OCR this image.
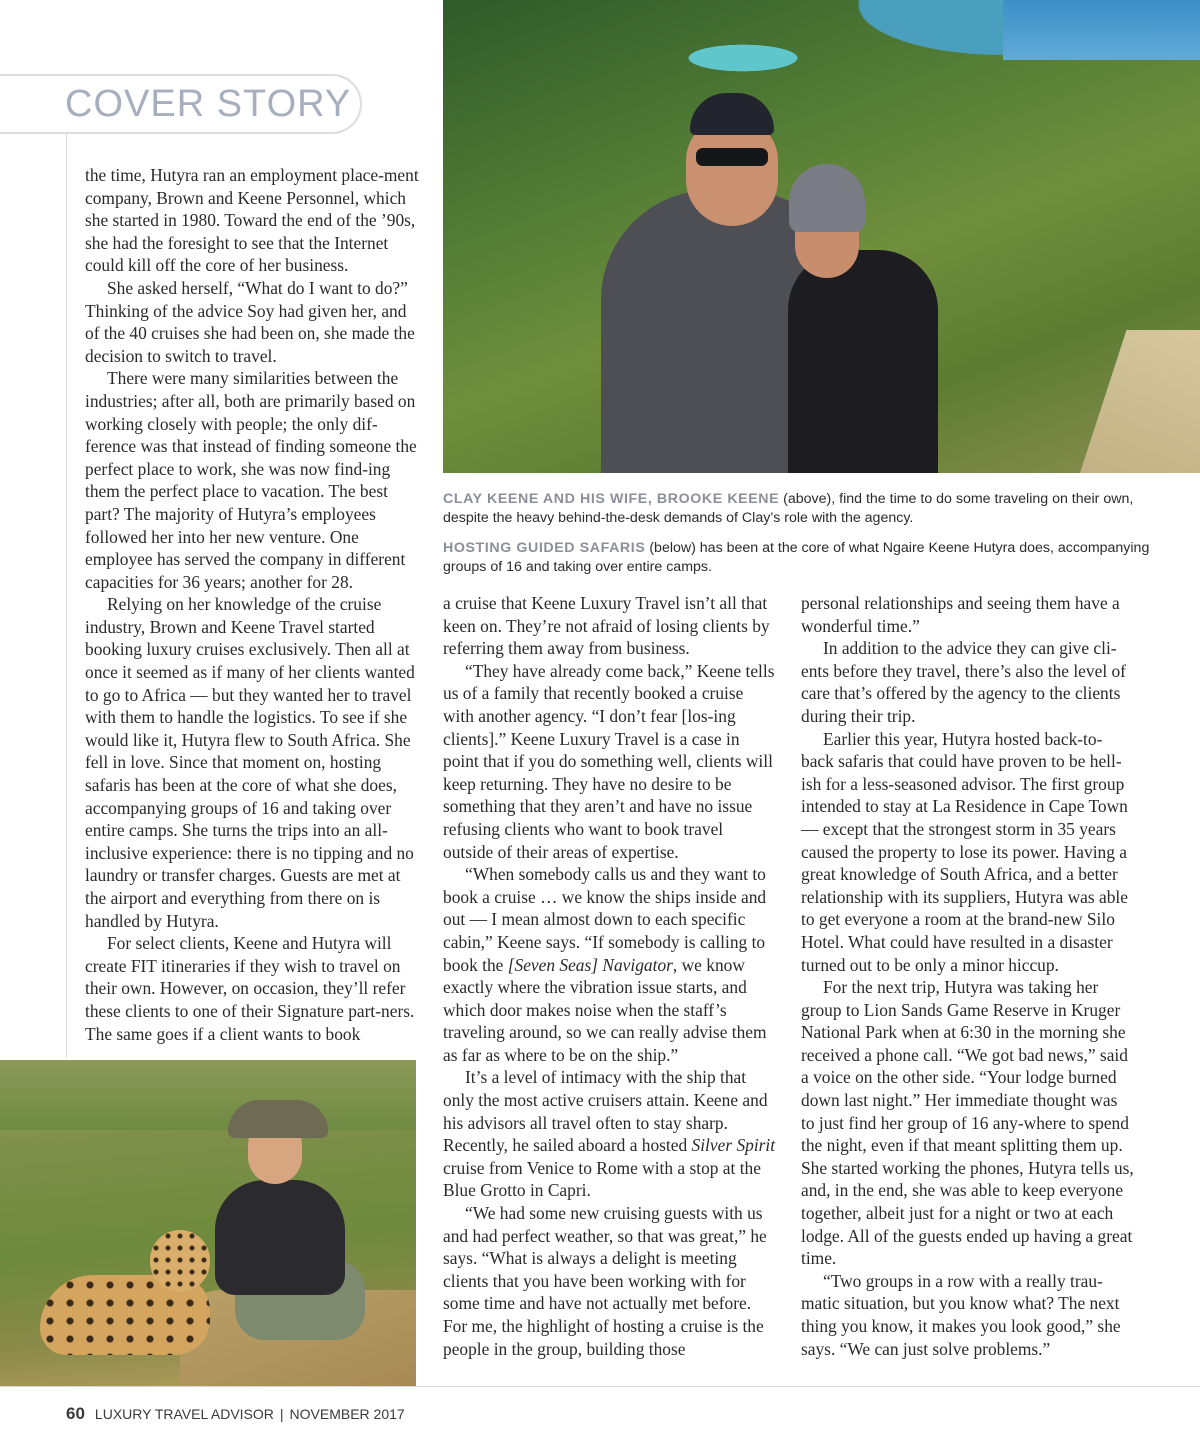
COVER STORY

CLAY KEENE AND HIS WIFE, BROOKE KEENE (above), find the time to do some traveling on their own, despite the heavy behind-the-desk demands of Clay’s role with the agency.

HOSTING GUIDED SAFARIS (below) has been at the core of what Ngaire Keene Hutyra does, accompanying groups of 16 and taking over entire camps.

the time, Hutyra ran an employment place-ment company, Brown and Keene Personnel, which she started in 1980. Toward the end of the ’90s, she had the foresight to see that the Internet could kill off the core of her business.

She asked herself, “What do I want to do?” Thinking of the advice Soy had given her, and of the 40 cruises she had been on, she made the decision to switch to travel.

There were many similarities between the industries; after all, both are primarily based on working closely with people; the only dif-ference was that instead of finding someone the perfect place to work, she was now find-ing them the perfect place to vacation. The best part? The majority of Hutyra’s employees followed her into her new venture. One employee has served the company in different capacities for 36 years; another for 28.

Relying on her knowledge of the cruise industry, Brown and Keene Travel started booking luxury cruises exclusively. Then all at once it seemed as if many of her clients wanted to go to Africa — but they wanted her to travel with them to handle the logistics. To see if she would like it, Hutyra flew to South Africa. She fell in love. Since that moment on, hosting safaris has been at the core of what she does, accompanying groups of 16 and taking over entire camps. She turns the trips into an all-inclusive experience: there is no tipping and no laundry or transfer charges. Guests are met at the airport and everything from there on is handled by Hutyra.

For select clients, Keene and Hutyra will create FIT itineraries if they wish to travel on their own. However, on occasion, they’ll refer these clients to one of their Signature part-ners. The same goes if a client wants to book

a cruise that Keene Luxury Travel isn’t all that keen on. They’re not afraid of losing clients by referring them away from business.

“They have already come back,” Keene tells us of a family that recently booked a cruise with another agency. “I don’t fear [los-ing clients].” Keene Luxury Travel is a case in point that if you do something well, clients will keep returning. They have no desire to be something that they aren’t and have no issue refusing clients who want to book travel outside of their areas of expertise.

“When somebody calls us and they want to book a cruise … we know the ships inside and out — I mean almost down to each specific cabin,” Keene says. “If somebody is calling to book the [Seven Seas] Navigator, we know exactly where the vibration issue starts, and which door makes noise when the staff’s traveling around, so we can really advise them as far as where to be on the ship.”

It’s a level of intimacy with the ship that only the most active cruisers attain. Keene and his advisors all travel often to stay sharp. Recently, he sailed aboard a hosted Silver Spirit cruise from Venice to Rome with a stop at the Blue Grotto in Capri.

“We had some new cruising guests with us and had perfect weather, so that was great,” he says. “What is always a delight is meeting clients that you have been working with for some time and have not actually met before. For me, the highlight of hosting a cruise is the people in the group, building those

personal relationships and seeing them have a wonderful time.”

In addition to the advice they can give cli-ents before they travel, there’s also the level of care that’s offered by the agency to the clients during their trip.

Earlier this year, Hutyra hosted back-to-back safaris that could have proven to be hell-ish for a less-seasoned advisor. The first group intended to stay at La Residence in Cape Town — except that the strongest storm in 35 years caused the property to lose its power. Having a great knowledge of South Africa, and a better relationship with its suppliers, Hutyra was able to get everyone a room at the brand-new Silo Hotel. What could have resulted in a disaster turned out to be only a minor hiccup.

For the next trip, Hutyra was taking her group to Lion Sands Game Reserve in Kruger National Park when at 6:30 in the morning she received a phone call. “We got bad news,” said a voice on the other side. “Your lodge burned down last night.” Her immediate thought was to just find her group of 16 any-where to spend the night, even if that meant splitting them up. She started working the phones, Hutyra tells us, and, in the end, she was able to keep everyone together, albeit just for a night or two at each lodge. All of the guests ended up having a great time.

“Two groups in a row with a really trau-matic situation, but you know what? The next thing you know, it makes you look good,” she says. “We can just solve problems.”

60 LUXURY TRAVEL ADVISOR | NOVEMBER 2017
